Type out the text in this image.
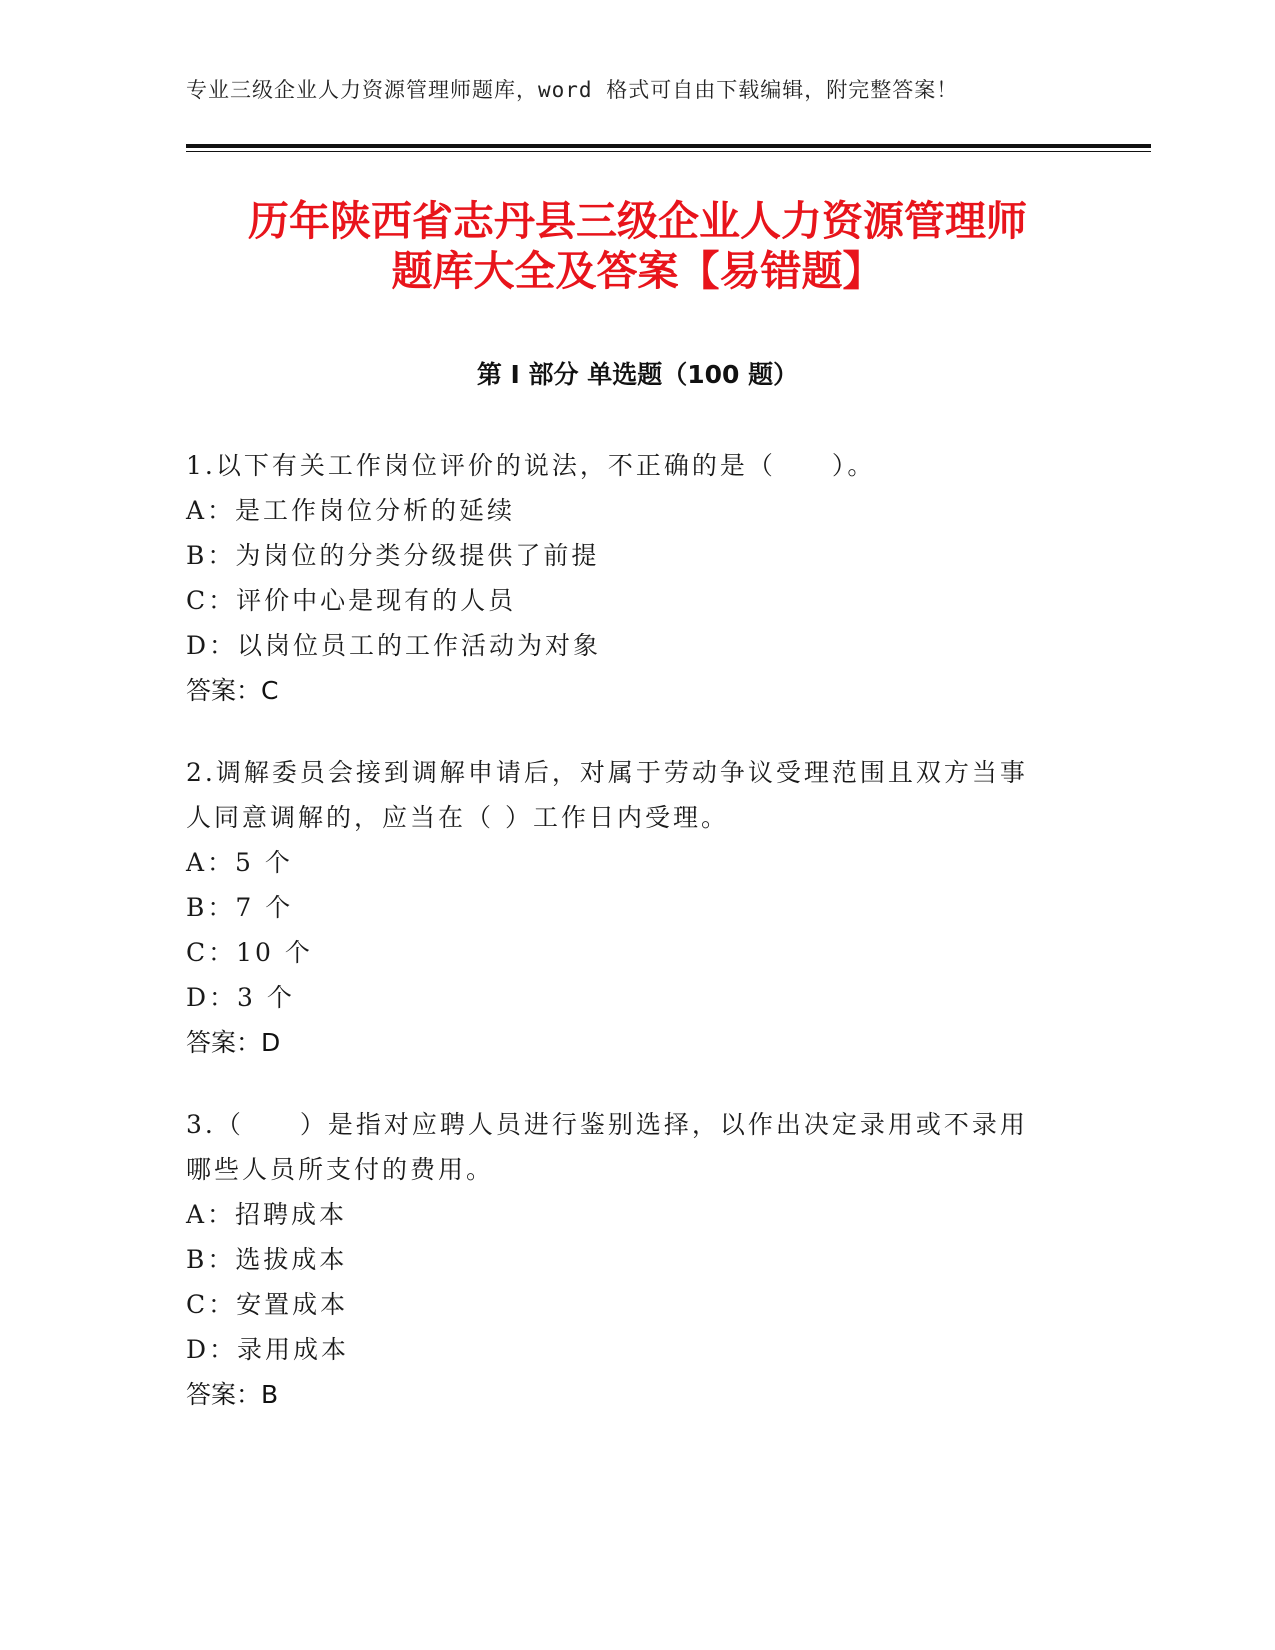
专业三级企业人力资源管理师题库，word 格式可自由下载编辑，附完整答案！
历年陕西省志丹县三级企业人力资源管理师
题库大全及答案【易错题】
第 I 部分 单选题（100 题）
1.以下有关工作岗位评价的说法，不正确的是（　　）。
A：是工作岗位分析的延续
B：为岗位的分类分级提供了前提
C：评价中心是现有的人员
D：以岗位员工的工作活动为对象
答案：C
2.调解委员会接到调解申请后，对属于劳动争议受理范围且双方当事
人同意调解的，应当在（ ）工作日内受理。
A：5 个
B：7 个
C：10 个
D：3 个
答案：D
3.（　　）是指对应聘人员进行鉴别选择，以作出决定录用或不录用
哪些人员所支付的费用。
A：招聘成本
B：选拔成本
C：安置成本
D：录用成本
答案：B
